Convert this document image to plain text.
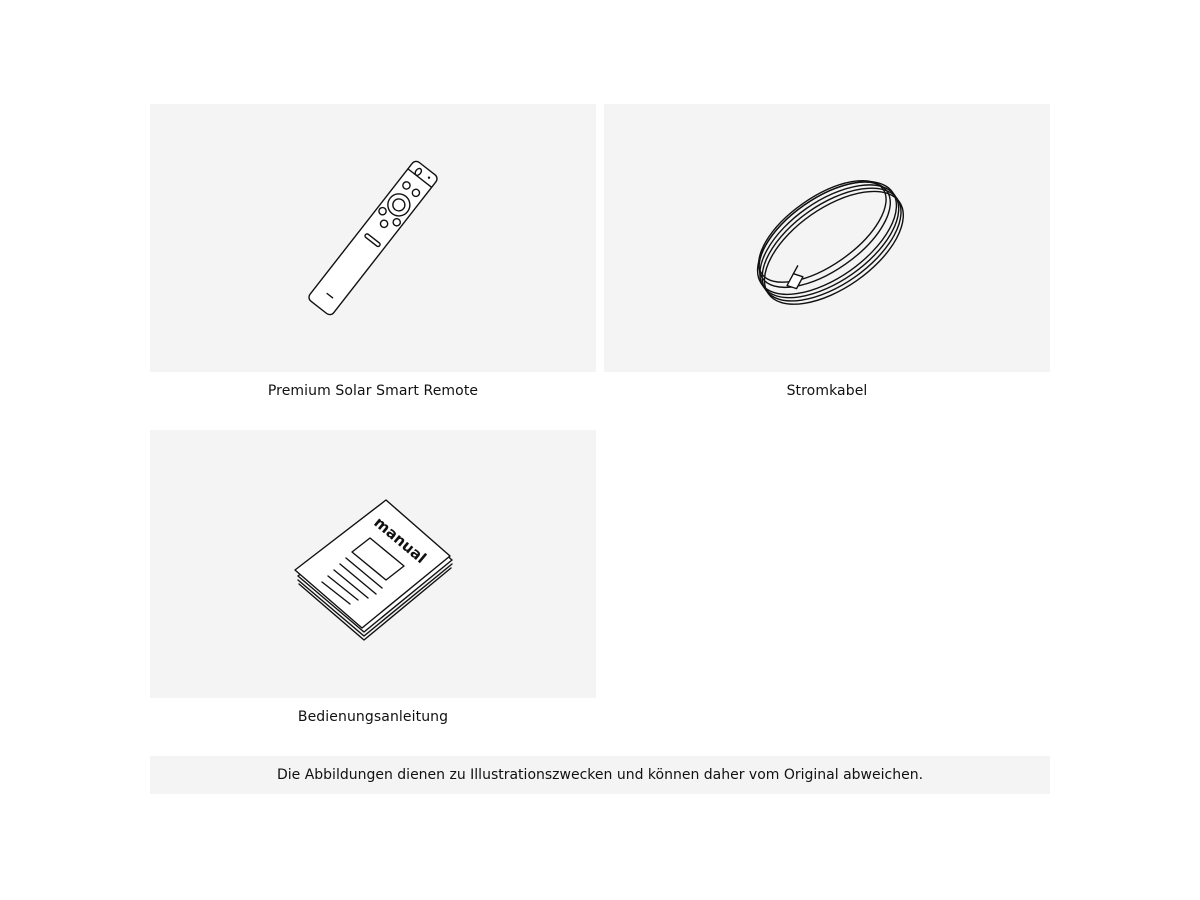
Premium Solar Smart Remote	Stromkabel
manual
Bedienungsanleitung
Die Abbildungen dienen zu Illustrationszwecken und können daher vom Original abweichen.
